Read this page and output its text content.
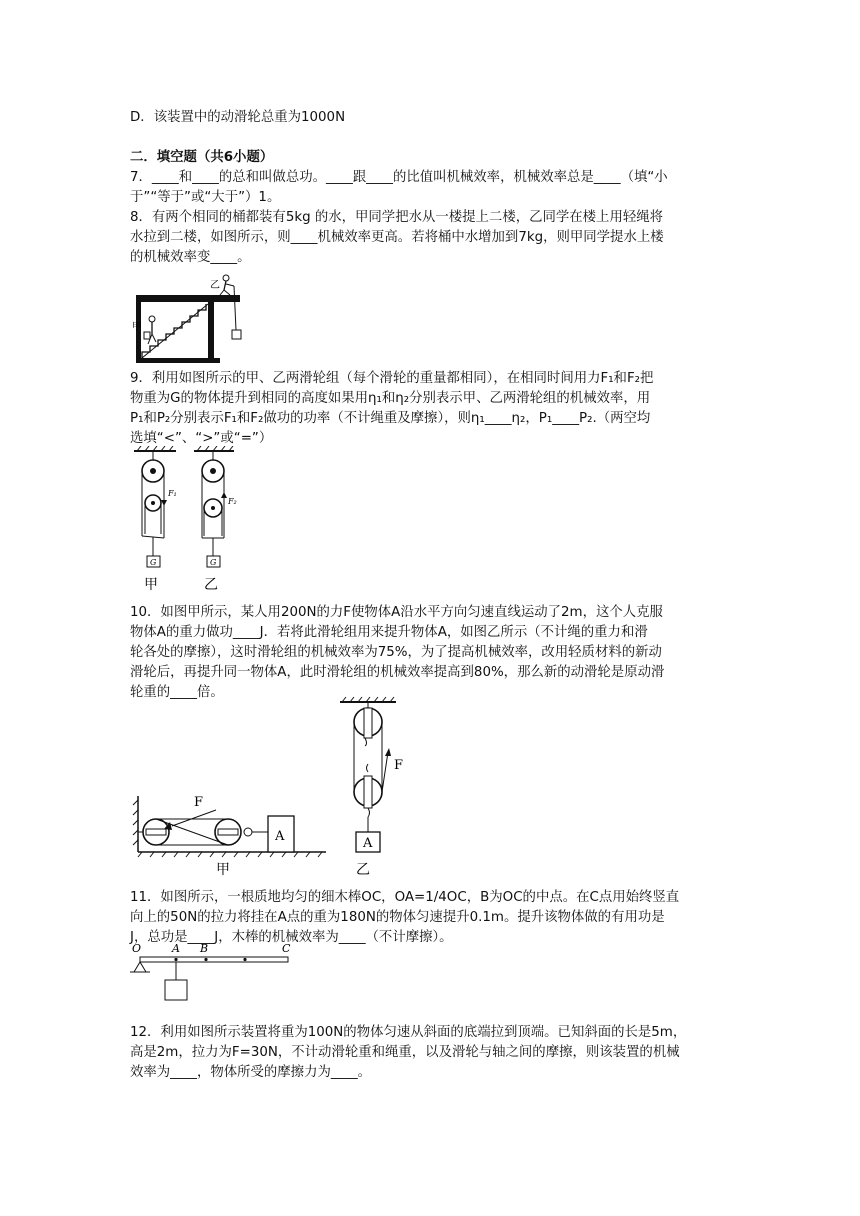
D．该装置中的动滑轮总重为1000N
二．填空题（共6小题）
7．____和____的总和叫做总功。____跟____的比值叫机械效率，机械效率总是____（填“小
于”“等于”或“大于”）1。
8．有两个相同的桶都装有5kg 的水，甲同学把水从一楼提上二楼，乙同学在楼上用轻绳将
水拉到二楼，如图所示，则____机械效率更高。若将桶中水增加到7kg，则甲同学提水上楼
的机械效率变____。
甲
乙
9．利用如图所示的甲、乙两滑轮组（每个滑轮的重量都相同），在相同时间用力F₁和F₂把
物重为G的物体提升到相同的高度如果用η₁和η₂分别表示甲、乙两滑轮组的机械效率，用
P₁和P₂分别表示F₁和F₂做功的功率（不计绳重及摩擦），则η₁____η₂，P₁____P₂.（两空均
选填“<”、“>”或“=”）
G
F₁
G
F₂
甲	乙
10．如图甲所示，某人用200N的力F使物体A沿水平方向匀速直线运动了2m，这个人克服
物体A的重力做功____J．若将此滑轮组用来提升物体A，如图乙所示（不计绳的重力和滑
轮各处的摩擦），这时滑轮组的机械效率为75%，为了提高机械效率，改用轻质材料的新动
滑轮后，再提升同一物体A，此时滑轮组的机械效率提高到80%，那么新的动滑轮是原动滑
轮重的____倍。
F
A
甲
F
A
乙
11．如图所示，一根质地均匀的细木棒OC，OA=1/4OC，B为OC的中点。在C点用始终竖直
向上的50N的拉力将挂在A点的重为180N的物体匀速提升0.1m。提升该物体做的有用功是
J，总功是____J，木棒的机械效率为____（不计摩擦）。
O	A B	C
12．利用如图所示装置将重为100N的物体匀速从斜面的底端拉到顶端。已知斜面的长是5m，
高是2m，拉力为F=30N，不计动滑轮重和绳重，以及滑轮与轴之间的摩擦，则该装置的机械
效率为____，物体所受的摩擦力为____。
